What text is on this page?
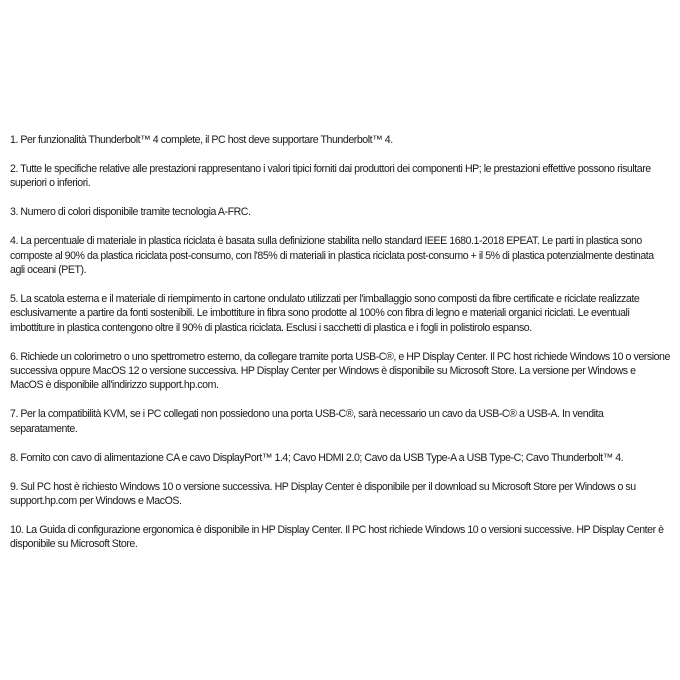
1. Per funzionalità Thunderbolt™ 4 complete, il PC host deve supportare Thunderbolt™ 4.

2. Tutte le specifiche relative alle prestazioni rappresentano i valori tipici forniti dai produttori dei componenti HP; le prestazioni effettive possono risultare superiori o inferiori.

3. Numero di colori disponibile tramite tecnologia A-FRC.

4. La percentuale di materiale in plastica riciclata è basata sulla definizione stabilita nello standard IEEE 1680.1-2018 EPEAT. Le parti in plastica sono composte al 90% da plastica riciclata post-consumo, con l'85% di materiali in plastica riciclata post-consumo + il 5% di plastica potenzialmente destinata agli oceani (PET).

5. La scatola esterna e il materiale di riempimento in cartone ondulato utilizzati per l'imballaggio sono composti da fibre certificate e riciclate realizzate esclusivamente a partire da fonti sostenibili. Le imbottiture in fibra sono prodotte al 100% con fibra di legno e materiali organici riciclati. Le eventuali imbottiture in plastica contengono oltre il 90% di plastica riciclata. Esclusi i sacchetti di plastica e i fogli in polistirolo espanso.

6. Richiede un colorimetro o uno spettrometro esterno, da collegare tramite porta USB-C®, e HP Display Center. Il PC host richiede Windows 10 o versione successiva oppure MacOS 12 o versione successiva. HP Display Center per Windows è disponibile su Microsoft Store. La versione per Windows e MacOS è disponibile all'indirizzo support.hp.com.

7. Per la compatibilità KVM, se i PC collegati non possiedono una porta USB-C®, sarà necessario un cavo da USB-C® a USB-A. In vendita separatamente.

8. Fornito con cavo di alimentazione CA e cavo DisplayPort™ 1.4; Cavo HDMI 2.0; Cavo da USB Type-A a USB Type-C; Cavo Thunderbolt™ 4.

9. Sul PC host è richiesto Windows 10 o versione successiva. HP Display Center è disponibile per il download su Microsoft Store per Windows o su support.hp.com per Windows e MacOS.

10. La Guida di configurazione ergonomica è disponibile in HP Display Center. Il PC host richiede Windows 10 o versioni successive. HP Display Center è disponibile su Microsoft Store.
